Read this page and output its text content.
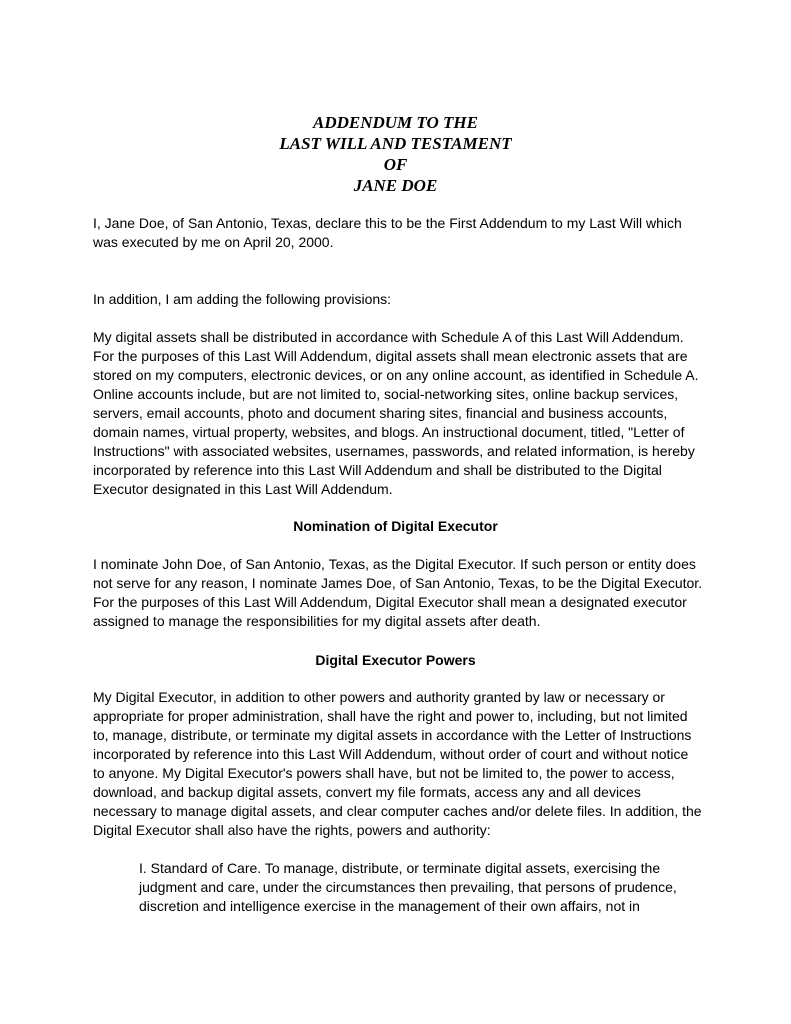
ADDENDUM TO THE
LAST WILL AND TESTAMENT
OF
JANE DOE

I, Jane Doe, of San Antonio, Texas, declare this to be the First Addendum to my Last Will which was executed by me on April 20, 2000.

In addition, I am adding the following provisions:

My digital assets shall be distributed in accordance with Schedule A of this Last Will Addendum. For the purposes of this Last Will Addendum, digital assets shall mean electronic assets that are stored on my computers, electronic devices, or on any online account, as identified in Schedule A. Online accounts include, but are not limited to, social-networking sites, online backup services, servers, email accounts, photo and document sharing sites, financial and business accounts, domain names, virtual property, websites, and blogs. An instructional document, titled, "Letter of Instructions" with associated websites, usernames, passwords, and related information, is hereby incorporated by reference into this Last Will Addendum and shall be distributed to the Digital Executor designated in this Last Will Addendum.

Nomination of Digital Executor

I nominate John Doe, of San Antonio, Texas, as the Digital Executor. If such person or entity does not serve for any reason, I nominate James Doe, of San Antonio, Texas, to be the Digital Executor. For the purposes of this Last Will Addendum, Digital Executor shall mean a designated executor assigned to manage the responsibilities for my digital assets after death.

Digital Executor Powers

My Digital Executor, in addition to other powers and authority granted by law or necessary or appropriate for proper administration, shall have the right and power to, including, but not limited to, manage, distribute, or terminate my digital assets in accordance with the Letter of Instructions incorporated by reference into this Last Will Addendum, without order of court and without notice to anyone. My Digital Executor's powers shall have, but not be limited to, the power to access, download, and backup digital assets, convert my file formats, access any and all devices necessary to manage digital assets, and clear computer caches and/or delete files. In addition, the Digital Executor shall also have the rights, powers and authority:

I. Standard of Care. To manage, distribute, or terminate digital assets, exercising the judgment and care, under the circumstances then prevailing, that persons of prudence, discretion and intelligence exercise in the management of their own affairs, not in
